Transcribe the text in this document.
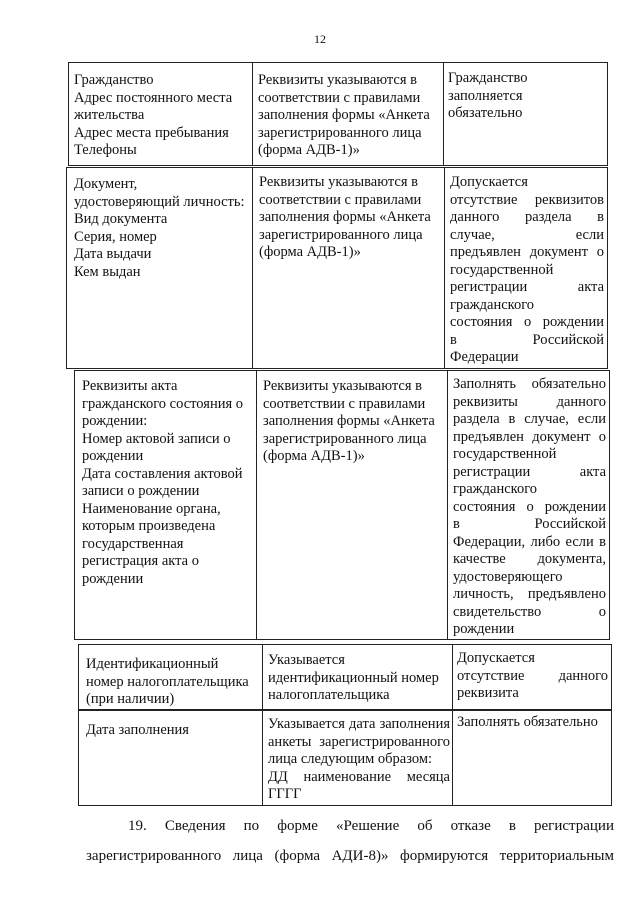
12
Гражданство
Адрес постоянного места
жительства
Адрес места пребывания
Телефоны
Реквизиты указываются в
соответствии с правилами
заполнения формы «Анкета
зарегистрированного лица
(форма АДВ-1)»
Гражданство
заполняется
обязательно
Документ,
удостоверяющий личность:
Вид документа
Серия, номер
Дата выдачи
Кем выдан
Реквизиты указываются в
соответствии с правилами
заполнения формы «Анкета
зарегистрированного лица
(форма АДВ-1)»
Допускается
отсутствие реквизитов
данного раздела в
случае, если
предъявлен документ о
государственной
регистрации акта
гражданского
состояния о рождении
в Российской
Федерации
Реквизиты акта
гражданского состояния о
рождении:
Номер актовой записи о
рождении
Дата составления актовой
записи о рождении
Наименование органа,
которым произведена
государственная
регистрация акта о
рождении
Реквизиты указываются в
соответствии с правилами
заполнения формы «Анкета
зарегистрированного лица
(форма АДВ-1)»
Заполнять обязательно
реквизиты данного
раздела в случае, если
предъявлен документ о
государственной
регистрации акта
гражданского
состояния о рождении
в Российской
Федерации, либо если в
качестве документа,
удостоверяющего
личность, предъявлено
свидетельство о
рождении
Идентификационный
номер налогоплательщика
(при наличии)
Указывается
идентификационный номер
налогоплательщика
Допускается
отсутствие данного
реквизита
Дата заполнения	Указывается дата заполнения
анкеты зарегистрированного
лица следующим образом:
ДД наименование месяца
ГГГГ
Заполнять обязательно
19. Сведения по форме «Решение об отказе в регистрации
зарегистрированного лица (форма АДИ-8)» формируются территориальным
